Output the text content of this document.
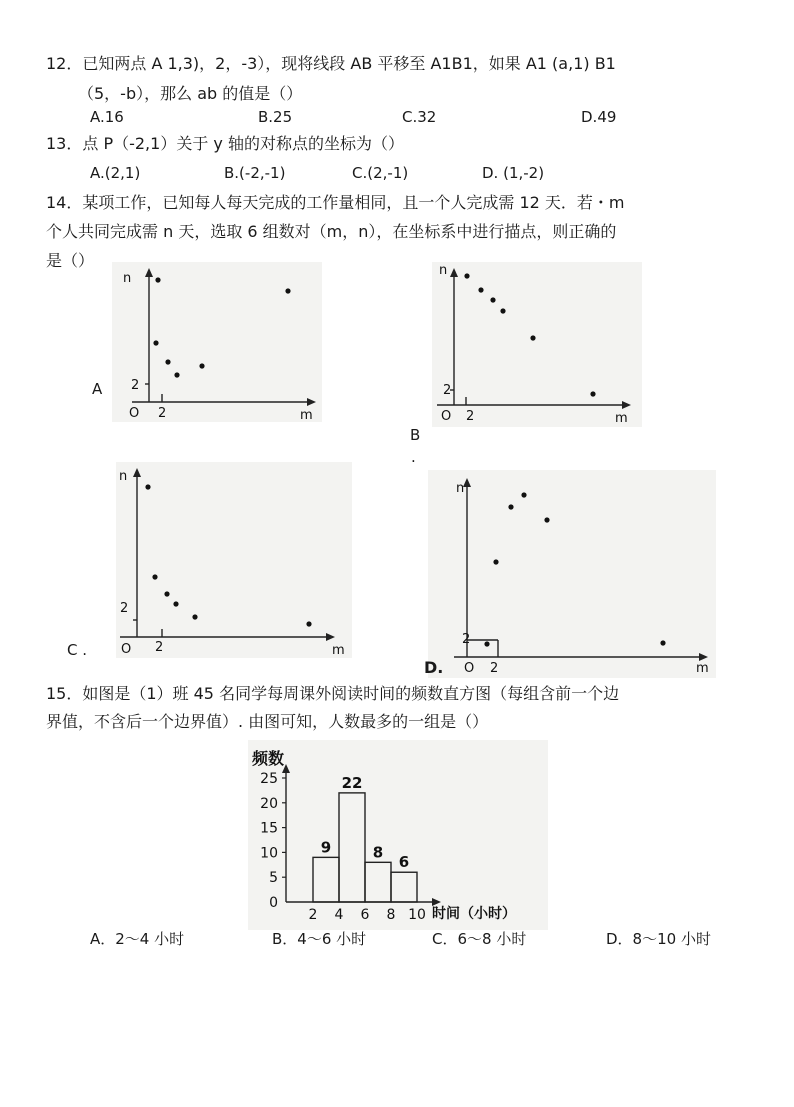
12．已知两点 A 1,3)，2，-3），现将线段 AB 平移至 A1B1，如果 A1 (a,1) B1
（5，-b），那么 ab 的值是（）
A.16	B.25	C.32	D.49
13．点 P（-2,1）关于 y 轴的对称点的坐标为（）
A.(2,1)	B.(-2,-1)	C.(2,-1)	D. (1,-2)
14．某项工作，已知每人每天完成的工作量相同，且一个人完成需 12 天．若・m
个人共同完成需 n 天，选取 6 组数对（m，n），在坐标系中进行描点，则正确的
是（）
n
2
O 2	m
A
n
2
O 2	m
B
.
n
2
O 2	m
C .
n
2
O 2	m
D.
15．如图是（1）班 45 名同学每周课外阅读时间的频数直方图（每组含前一个边
界值，不含后一个边界值）. 由图可知，人数最多的一组是（）
频数
时间（小时）
0
5
10
15
20
25
2 4 6 8 10
9
22
8
6
A．2～4 小时	B．4～6 小时	C．6～8 小时	D．8～10 小时
